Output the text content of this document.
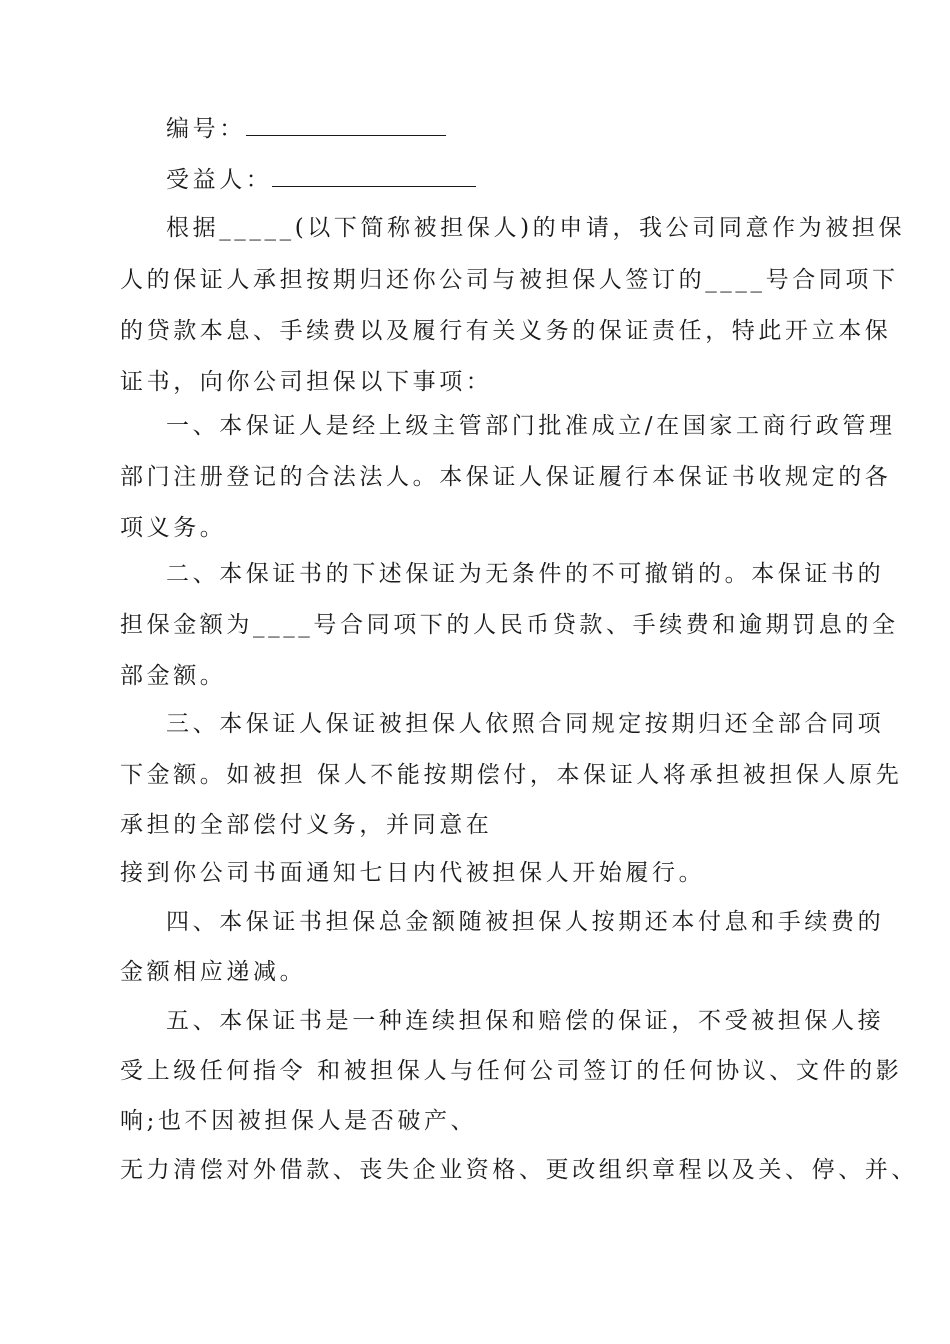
编号：
受益人：
根据_____(以下简称被担保人)的申请，我公司同意作为被担保
人的保证人承担按期归还你公司与被担保人签订的____号合同项下
的贷款本息、手续费以及履行有关义务的保证责任，特此开立本保
证书，向你公司担保以下事项：
一、本保证人是经上级主管部门批准成立/在国家工商行政管理
部门注册登记的合法法人。本保证人保证履行本保证书收规定的各
项义务。
二、本保证书的下述保证为无条件的不可撤销的。本保证书的
担保金额为____号合同项下的人民币贷款、手续费和逾期罚息的全
部金额。
三、本保证人保证被担保人依照合同规定按期归还全部合同项
下金额。如被担 保人不能按期偿付，本保证人将承担被担保人原先
承担的全部偿付义务，并同意在
接到你公司书面通知七日内代被担保人开始履行。
四、本保证书担保总金额随被担保人按期还本付息和手续费的
金额相应递减。
五、本保证书是一种连续担保和赔偿的保证，不受被担保人接
受上级任何指令 和被担保人与任何公司签订的任何协议、文件的影
响;也不因被担保人是否破产、
无力清偿对外借款、丧失企业资格、更改组织章程以及关、停、并、
